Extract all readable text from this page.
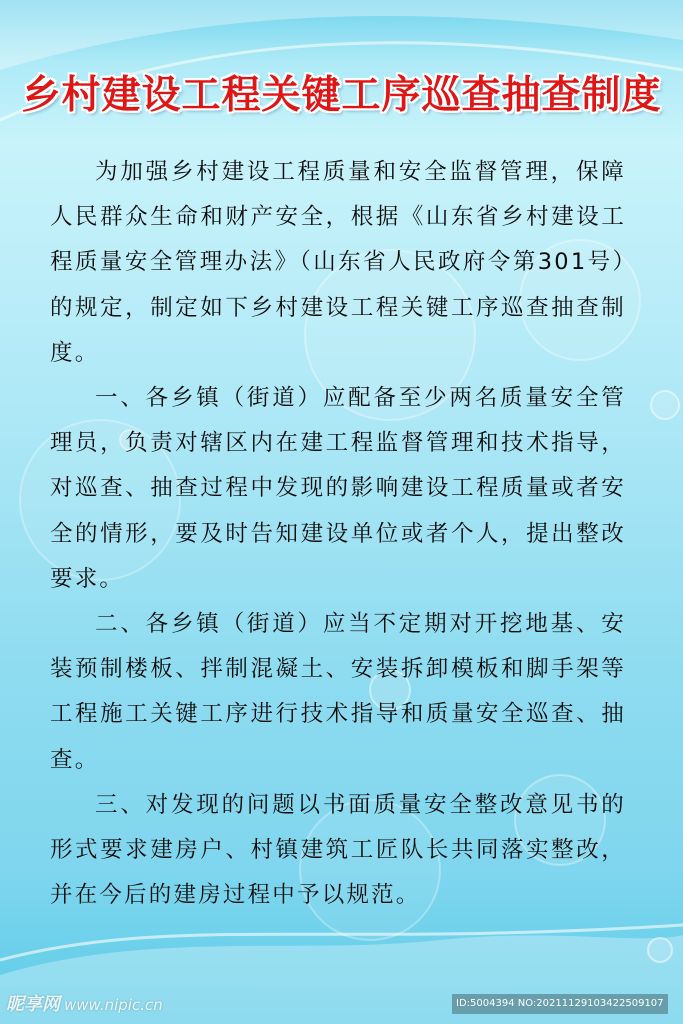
乡村建设工程关键工序巡查抽查制度

为加强乡村建设工程质量和安全监督管理，保障人民群众生命和财产安全，根据《山东省乡村建设工程质量安全管理办法》（山东省人民政府令第301号）的规定，制定如下乡村建设工程关键工序巡查抽查制度。

一、各乡镇（街道）应配备至少两名质量安全管理员，负责对辖区内在建工程监督管理和技术指导，对巡查、抽查过程中发现的影响建设工程质量或者安全的情形，要及时告知建设单位或者个人，提出整改要求。

二、各乡镇（街道）应当不定期对开挖地基、安装预制楼板、拌制混凝土、安装拆卸模板和脚手架等工程施工关键工序进行技术指导和质量安全巡查、抽查。

三、对发现的问题以书面质量安全整改意见书的形式要求建房户、村镇建筑工匠队长共同落实整改，并在今后的建房过程中予以规范。

昵享网 www.nipic.cn	ID:5004394 NO:20211129103422509107
